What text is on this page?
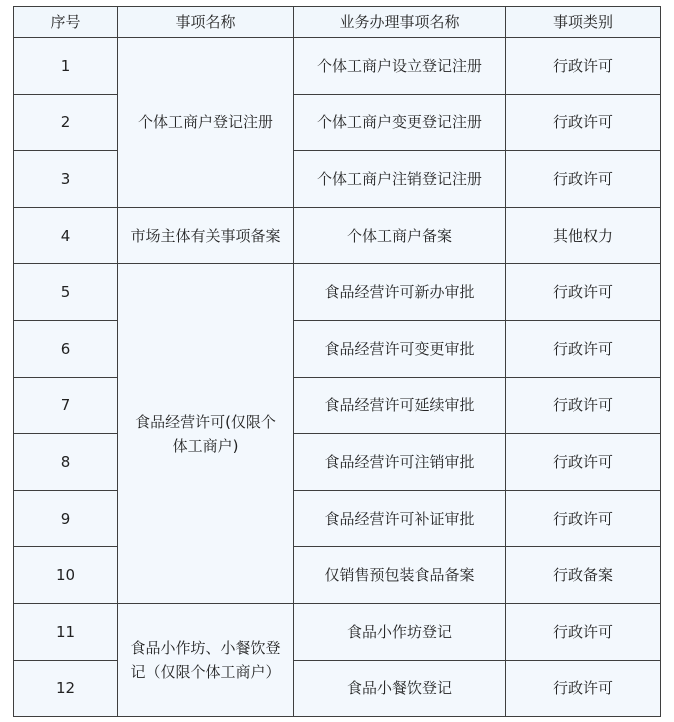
序号	事项名称	业务办理事项名称	事项类别
1	个体工商户登记注册	个体工商户设立登记注册	行政许可
2		个体工商户变更登记注册	行政许可
3		个体工商户注销登记注册	行政许可
4	市场主体有关事项备案	个体工商户备案	其他权力
5	食品经营许可(仅限个体工商户)	食品经营许可新办审批	行政许可
6		食品经营许可变更审批	行政许可
7		食品经营许可延续审批	行政许可
8		食品经营许可注销审批	行政许可
9		食品经营许可补证审批	行政许可
10		仅销售预包装食品备案	行政备案
11	食品小作坊、小餐饮登记（仅限个体工商户）	食品小作坊登记	行政许可
12		食品小餐饮登记	行政许可
